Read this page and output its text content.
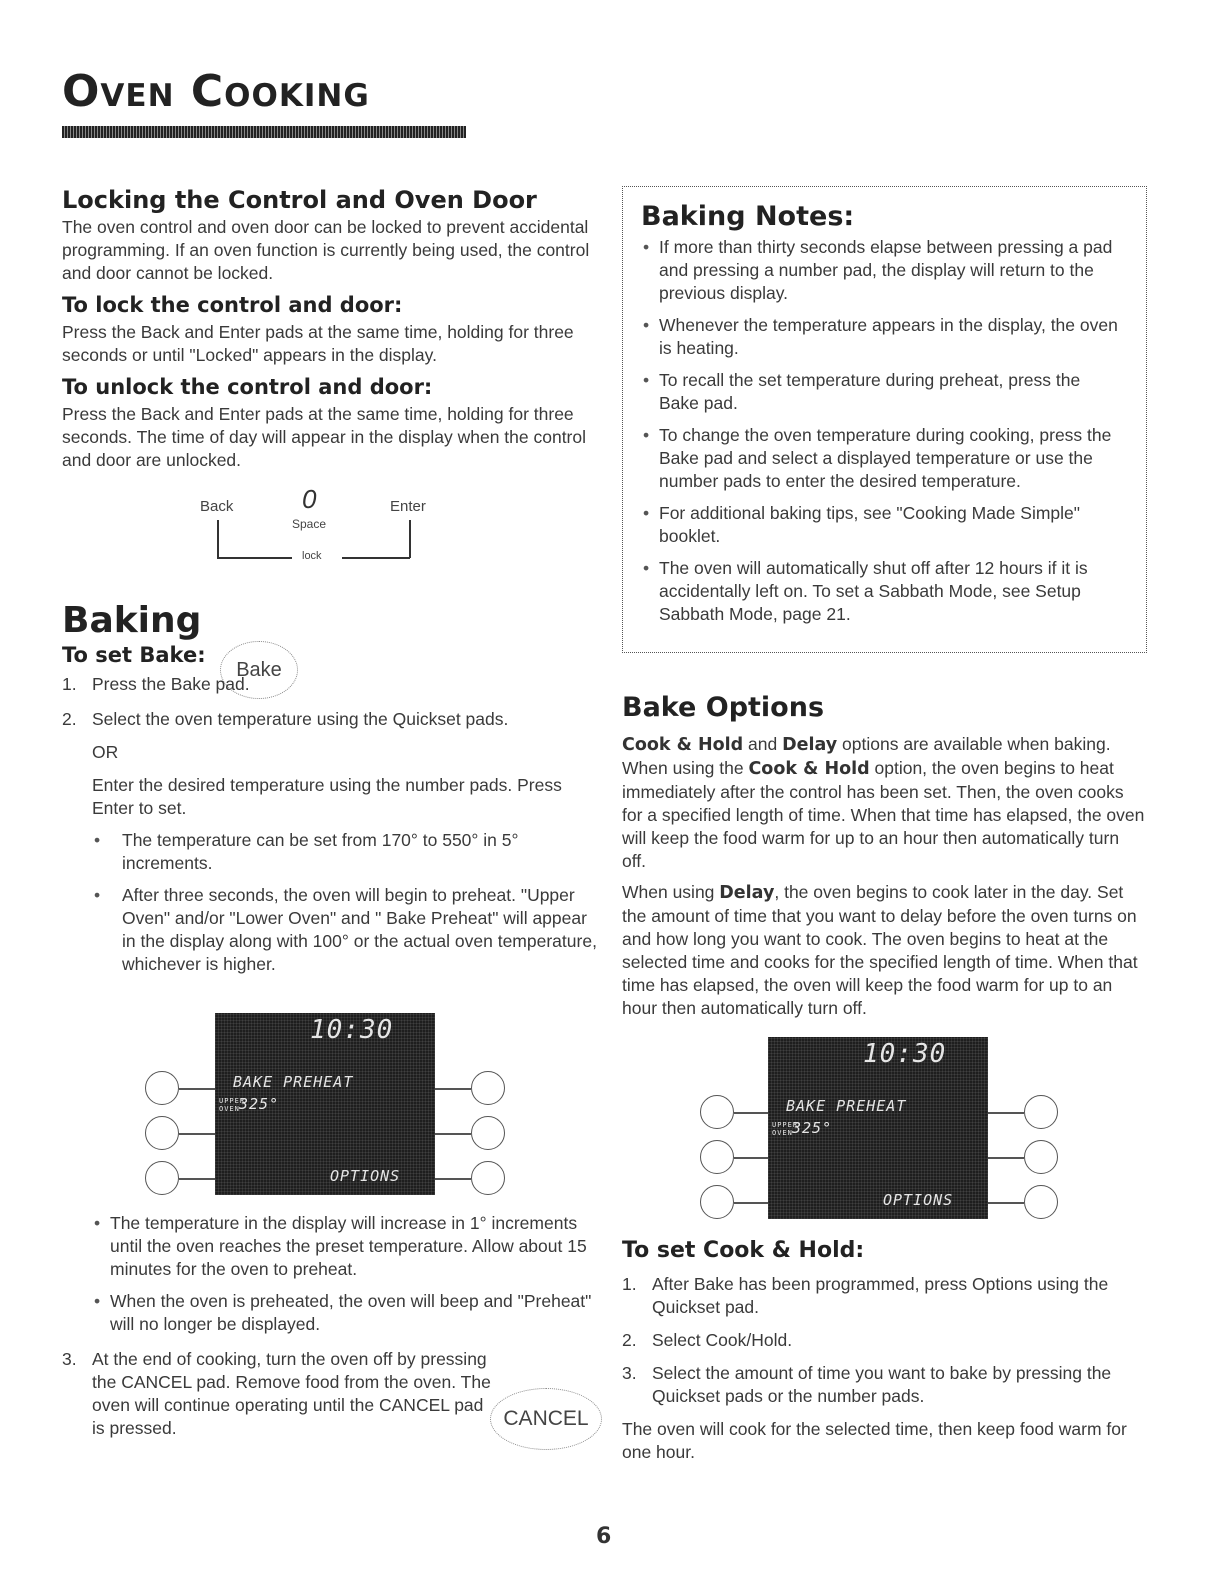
Oven Cooking
Locking the Control and Oven Door

The oven control and oven door can be locked to prevent accidental programming. If an oven function is currently being used, the control and door cannot be locked.

To lock the control and door:

Press the Back and Enter pads at the same time, holding for three seconds or until "Locked" appears in the display.

To unlock the control and door:

Press the Back and Enter pads at the same time, holding for three seconds. The time of day will appear in the display when the control and door are unlocked.

Back	0
Space
Enter
lock
Baking
To set Bake:
Bake
1. Press the Bake pad.
2. Select the oven temperature using the Quickset pads.
OR
Enter the desired temperature using the number pads. Press Enter to set.
• The temperature can be set from 170° to 550° in 5° increments.
• After three seconds, the oven will begin to preheat. "Upper Oven" and/or "Lower Oven" and " Bake Preheat" will appear in the display along with 100° or the actual oven temperature, whichever is higher.
10:30
BAKE PREHEAT
UPPER
OVEN 325°
OPTIONS
• The temperature in the display will increase in 1° increments until the oven reaches the preset temperature. Allow about 15 minutes for the oven to preheat.
• When the oven is preheated, the oven will beep and "Preheat" will no longer be displayed.
3. At the end of cooking, turn the oven off by pressing the CANCEL pad. Remove food from the oven. The oven will continue operating until the CANCEL pad is pressed.	CANCEL
Baking Notes:
• If more than thirty seconds elapse between pressing a pad and pressing a number pad, the display will return to the previous display.
• Whenever the temperature appears in the display, the oven is heating.
• To recall the set temperature during preheat, press the Bake pad.
• To change the oven temperature during cooking, press the Bake pad and select a displayed temperature or use the number pads to enter the desired temperature.
• For additional baking tips, see "Cooking Made Simple" booklet.
• The oven will automatically shut off after 12 hours if it is accidentally left on. To set a Sabbath Mode, see Setup Sabbath Mode, page 21.
Bake Options

Cook & Hold and Delay options are available when baking. When using the Cook & Hold option, the oven begins to heat immediately after the control has been set. Then, the oven cooks for a specified length of time. When that time has elapsed, the oven will keep the food warm for up to an hour then automatically turn off.

When using Delay, the oven begins to cook later in the day. Set the amount of time that you want to delay before the oven turns on and how long you want to cook. The oven begins to heat at the selected time and cooks for the specified length of time. When that time has elapsed, the oven will keep the food warm for up to an hour then automatically turn off.

10:30
BAKE PREHEAT
UPPER
OVEN 325°
OPTIONS
To set Cook & Hold:
1. After Bake has been programmed, press Options using the Quickset pad.
2. Select Cook/Hold.
3. Select the amount of time you want to bake by pressing the Quickset pads or the number pads.

The oven will cook for the selected time, then keep food warm for one hour.

6
